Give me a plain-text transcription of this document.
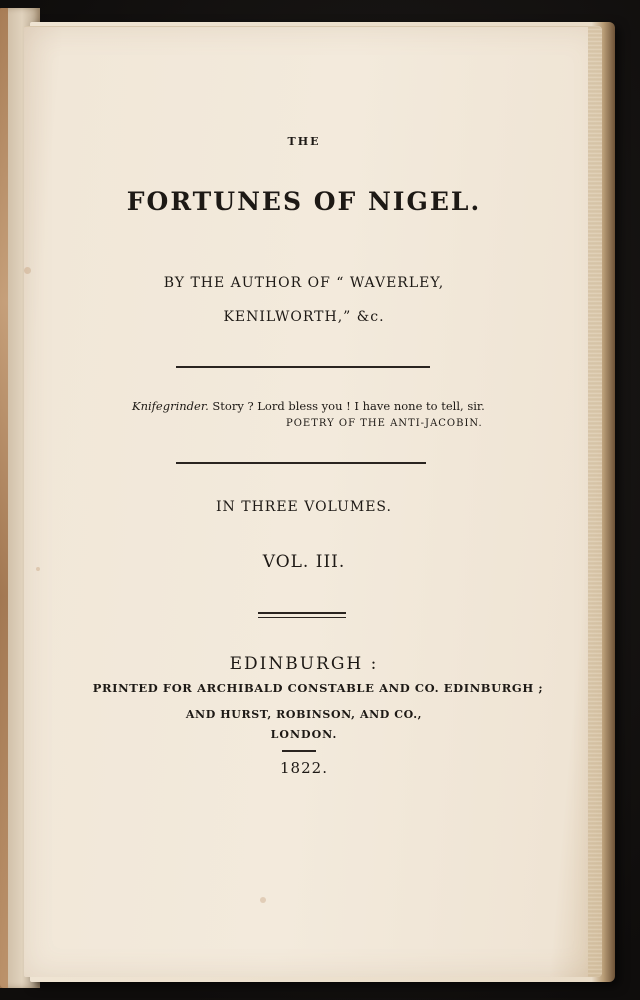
THE
FORTUNES OF NIGEL.
BY THE AUTHOR OF “ WAVERLEY,
KENILWORTH,” &c.
Knifegrinder. Story ? Lord bless you ! I have none to tell, sir.
POETRY OF THE ANTI-JACOBIN.
IN THREE VOLUMES.
VOL. III.
EDINBURGH :
PRINTED FOR ARCHIBALD CONSTABLE AND CO. EDINBURGH ;
AND HURST, ROBINSON, AND CO.,
LONDON.
1822.
